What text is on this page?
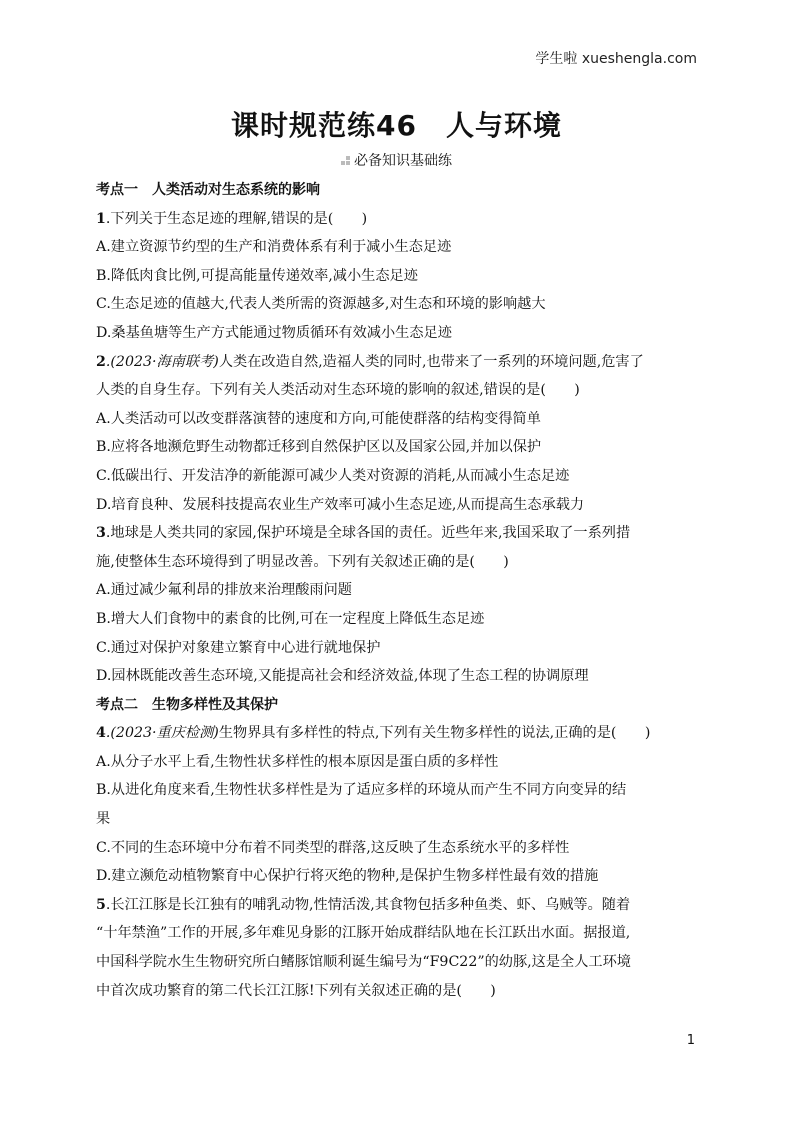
学生啦 xueshengla.com
课时规范练46　人与环境
必备知识基础练
考点一 人类活动对生态系统的影响
1.下列关于生态足迹的理解,错误的是(　　)
A.建立资源节约型的生产和消费体系有利于减小生态足迹
B.降低肉食比例,可提高能量传递效率,减小生态足迹
C.生态足迹的值越大,代表人类所需的资源越多,对生态和环境的影响越大
D.桑基鱼塘等生产方式能通过物质循环有效减小生态足迹
2.(2023·海南联考)人类在改造自然,造福人类的同时,也带来了一系列的环境问题,危害了
人类的自身生存。下列有关人类活动对生态环境的影响的叙述,错误的是(　　)
A.人类活动可以改变群落演替的速度和方向,可能使群落的结构变得简单
B.应将各地濒危野生动物都迁移到自然保护区以及国家公园,并加以保护
C.低碳出行、开发洁净的新能源可减少人类对资源的消耗,从而减小生态足迹
D.培育良种、发展科技提高农业生产效率可减小生态足迹,从而提高生态承载力
3.地球是人类共同的家园,保护环境是全球各国的责任。近些年来,我国采取了一系列措
施,使整体生态环境得到了明显改善。下列有关叙述正确的是(　　)
A.通过减少氟利昂的排放来治理酸雨问题
B.增大人们食物中的素食的比例,可在一定程度上降低生态足迹
C.通过对保护对象建立繁育中心进行就地保护
D.园林既能改善生态环境,又能提高社会和经济效益,体现了生态工程的协调原理
考点二 生物多样性及其保护
4.(2023·重庆检测)生物界具有多样性的特点,下列有关生物多样性的说法,正确的是(　　)
A.从分子水平上看,生物性状多样性的根本原因是蛋白质的多样性
B.从进化角度来看,生物性状多样性是为了适应多样的环境从而产生不同方向变异的结
果
C.不同的生态环境中分布着不同类型的群落,这反映了生态系统水平的多样性
D.建立濒危动植物繁育中心保护行将灭绝的物种,是保护生物多样性最有效的措施
5.长江江豚是长江独有的哺乳动物,性情活泼,其食物包括多种鱼类、虾、乌贼等。随着
“十年禁渔”工作的开展,多年难见身影的江豚开始成群结队地在长江跃出水面。据报道,
中国科学院水生生物研究所白鳍豚馆顺利诞生编号为“F9C22”的幼豚,这是全人工环境
中首次成功繁育的第二代长江江豚!下列有关叙述正确的是(　　)
1
